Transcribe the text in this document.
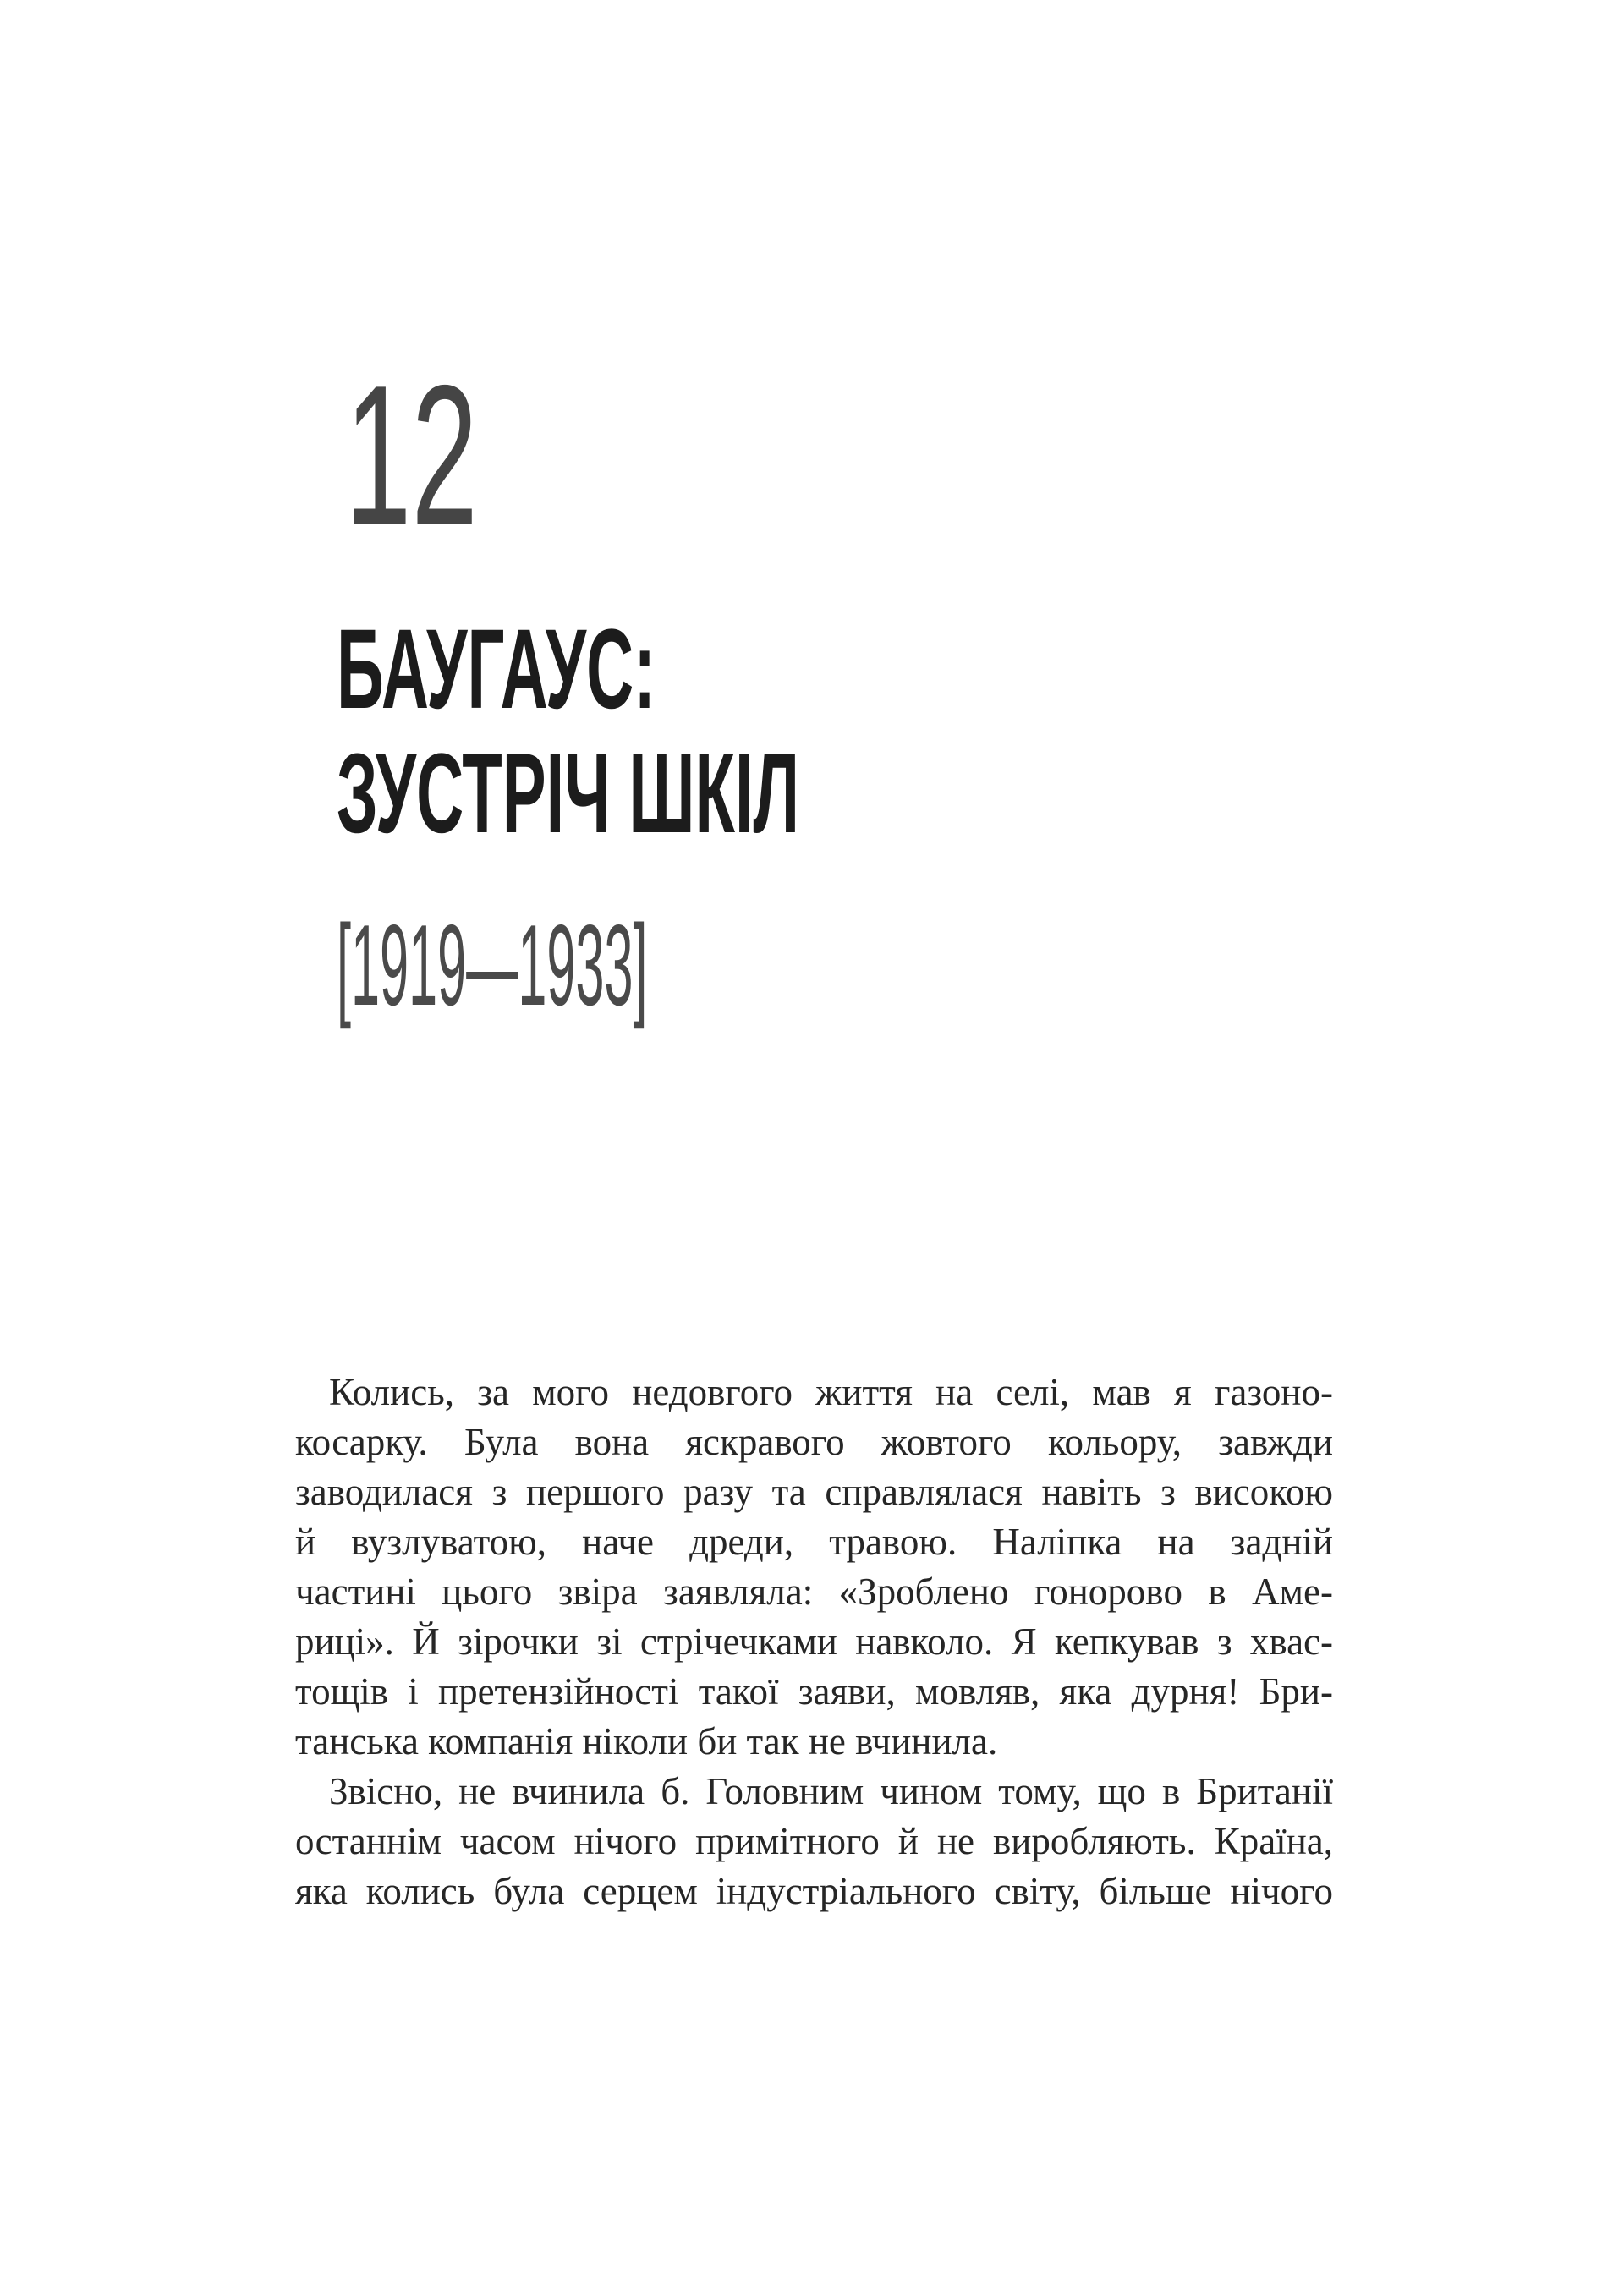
12
БАУГАУС:
ЗУСТРІЧ ШКІЛ
[1919—1933]
Колись, за мого недовгого життя на селі, мав я газоно-
косарку. Була вона яскравого жовтого кольору, завжди
заводилася з першого разу та справлялася навіть з високою
й вузлуватою, наче дреди, травою. Наліпка на задній
частині цього звіра заявляла: «Зроблено гоноровo в Аме-
риці». Й зірочки зі стрічечками навколо. Я кепкував з хвас-
тощів і претензійності такої заяви, мовляв, яка дурня! Бри-
танська компанія ніколи би так не вчинила.
Звісно, не вчинила б. Головним чином тому, що в Британії
останнім часом нічого примітного й не виробляють. Країна,
яка колись була серцем індустріального світу, більше нічого
